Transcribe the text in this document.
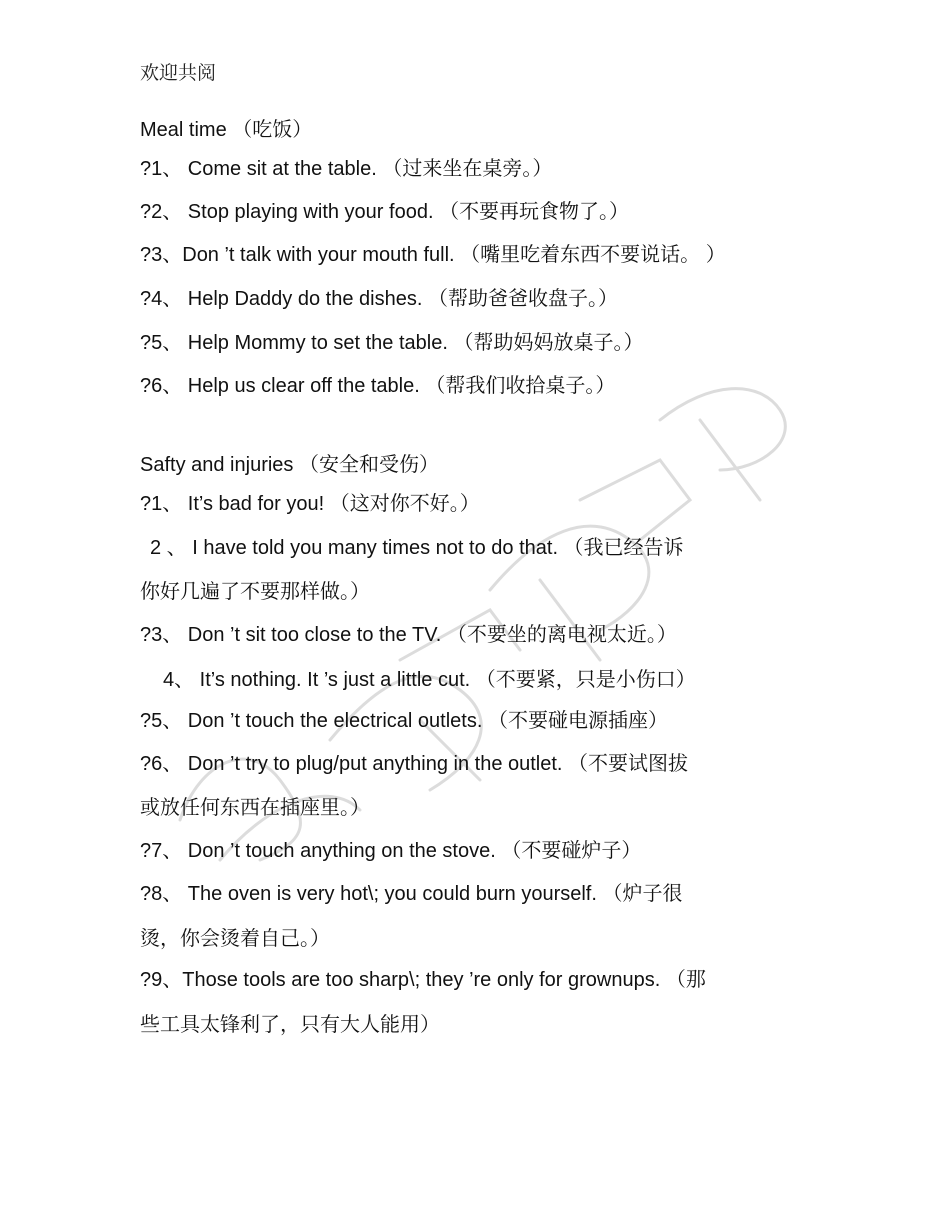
欢迎共阅
Meal time （吃饭）
?1、 Come sit at the table. （过来坐在桌旁。）
?2、 Stop playing with your food. （不要再玩食物了。）
?3、Don ’t talk with your mouth full. （嘴里吃着东西不要说话。 ）
?4、 Help Daddy do the dishes. （帮助爸爸收盘子。）
?5、 Help Mommy to set the table. （帮助妈妈放桌子。）
?6、 Help us clear off the table. （帮我们收拾桌子。）
Safty and injuries （安全和受伤）
?1、 It’s bad for you! （这对你不好。）
2 、 I have told you many times not to do that. （我已经告诉
你好几遍了不要那样做。）
?3、 Don ’t sit too close to the TV. （不要坐的离电视太近。）
4、 It’s nothing. It ’s just a little cut. （不要紧，只是小伤口）
?5、 Don ’t touch the electrical outlets. （不要碰电源插座）
?6、 Don ’t try to plug/put anything in the outlet. （不要试图拔
或放任何东西在插座里。）
?7、 Don ’t touch anything on the stove. （不要碰炉子）
?8、 The oven is very hot\; you could burn yourself. （炉子很
烫，你会烫着自己。）
?9、Those tools are too sharp\; they ’re only for grownups. （那
些工具太锋利了，只有大人能用）
